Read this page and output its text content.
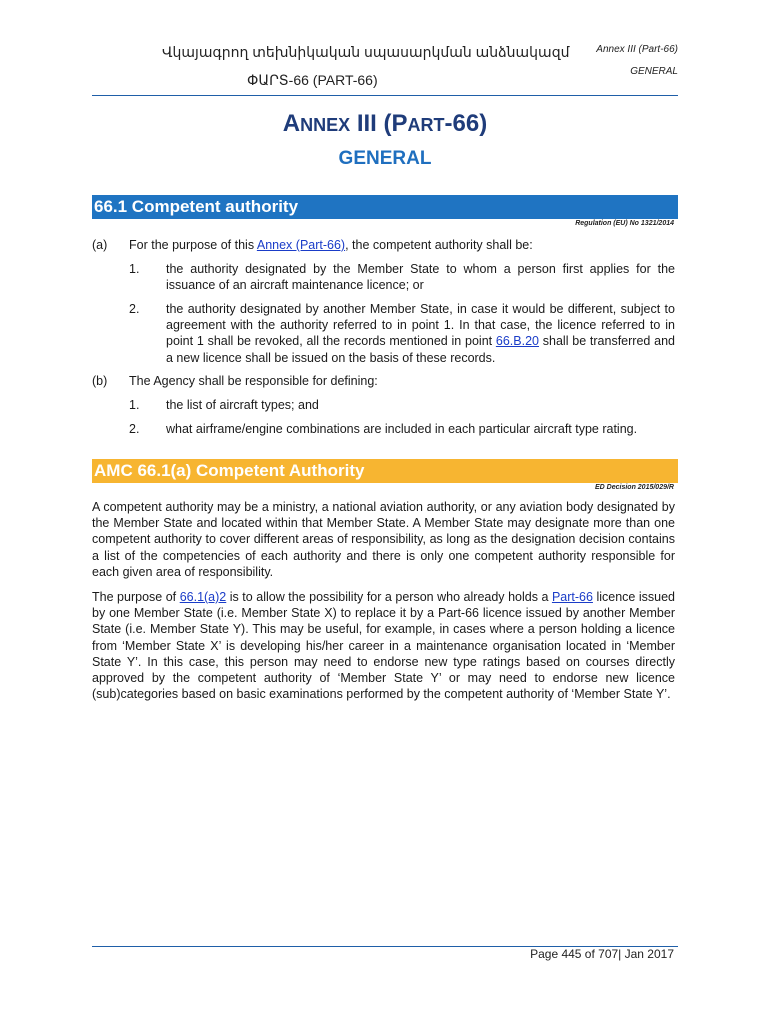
Վկայագրող տեխնիկական սպասարկման անձնակազմ	Annex III (Part-66)
ՓԱՐՏ-66 (PART-66)
GENERAL
ANNEX III (PART-66)
GENERAL
66.1 Competent authority
Regulation (EU) No 1321/2014
(a) For the purpose of this Annex (Part-66), the competent authority shall be:
1. the authority designated by the Member State to whom a person first applies for the issuance of an aircraft maintenance licence; or
2. the authority designated by another Member State, in case it would be different, subject to agreement with the authority referred to in point 1. In that case, the licence referred to in point 1 shall be revoked, all the records mentioned in point 66.B.20 shall be transferred and a new licence shall be issued on the basis of these records.
(b) The Agency shall be responsible for defining:
1. the list of aircraft types; and
2. what airframe/engine combinations are included in each particular aircraft type rating.
AMC 66.1(a) Competent Authority
ED Decision 2015/029/R
A competent authority may be a ministry, a national aviation authority, or any aviation body designated by the Member State and located within that Member State. A Member State may designate more than one competent authority to cover different areas of responsibility, as long as the designation decision contains a list of the competencies of each authority and there is only one competent authority responsible for each given area of responsibility.
The purpose of 66.1(a)2 is to allow the possibility for a person who already holds a Part-66 licence issued by one Member State (i.e. Member State X) to replace it by a Part-66 licence issued by another Member State (i.e. Member State Y). This may be useful, for example, in cases where a person holding a licence from ‘Member State X’ is developing his/her career in a maintenance organisation located in ‘Member State Y’. In this case, this person may need to endorse new type ratings based on courses directly approved by the competent authority of ‘Member State Y’ or may need to endorse new licence (sub)categories based on basic examinations performed by the competent authority of ‘Member State Y’.
Page 445 of 707| Jan 2017
